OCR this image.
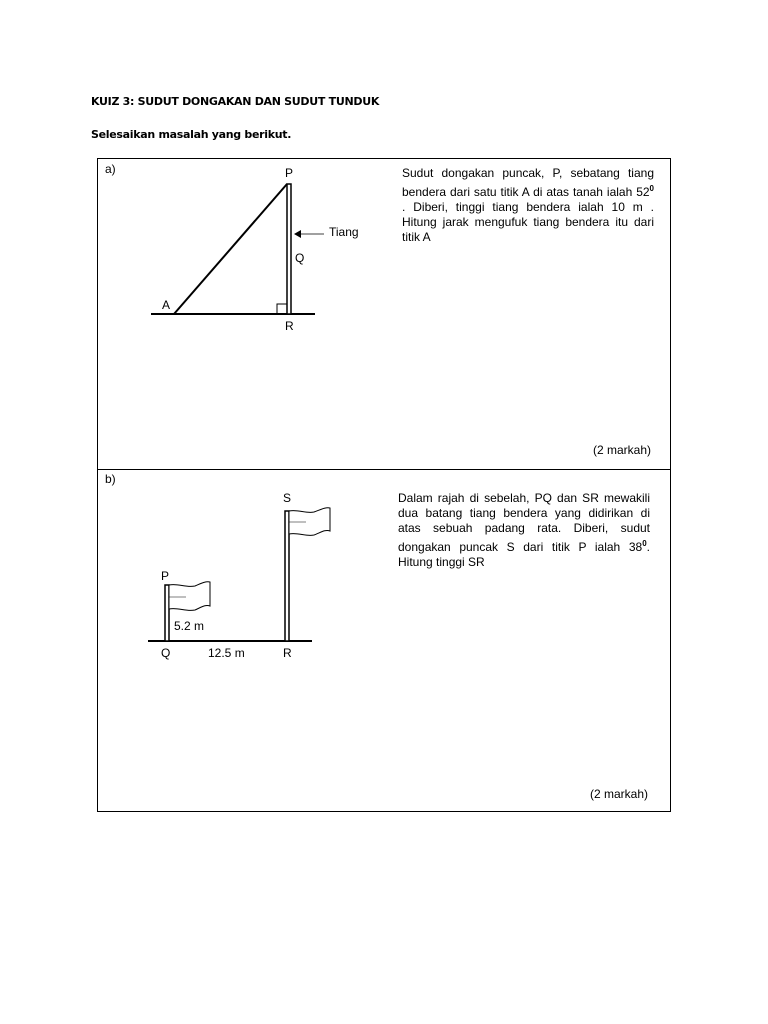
KUIZ 3: SUDUT DONGAKAN DAN SUDUT TUNDUK
Selesaikan masalah yang berikut.
a)	P
Tiang
Q
A
R
Sudut dongakan puncak, P, sebatang tiang bendera dari satu titik A di atas tanah ialah $52^0$ . Diberi, tinggi tiang bendera ialah 10 m . Hitung jarak mengufuk tiang bendera itu dari titik A
(2 markah)
b)
S
P
5.2 m
Q	12.5 m	R
Dalam rajah di sebelah, PQ dan SR mewakili dua batang tiang bendera yang didirikan di atas sebuah padang rata. Diberi, sudut dongakan puncak S dari titik P ialah $38^0$. Hitung tinggi SR
(2 markah)
